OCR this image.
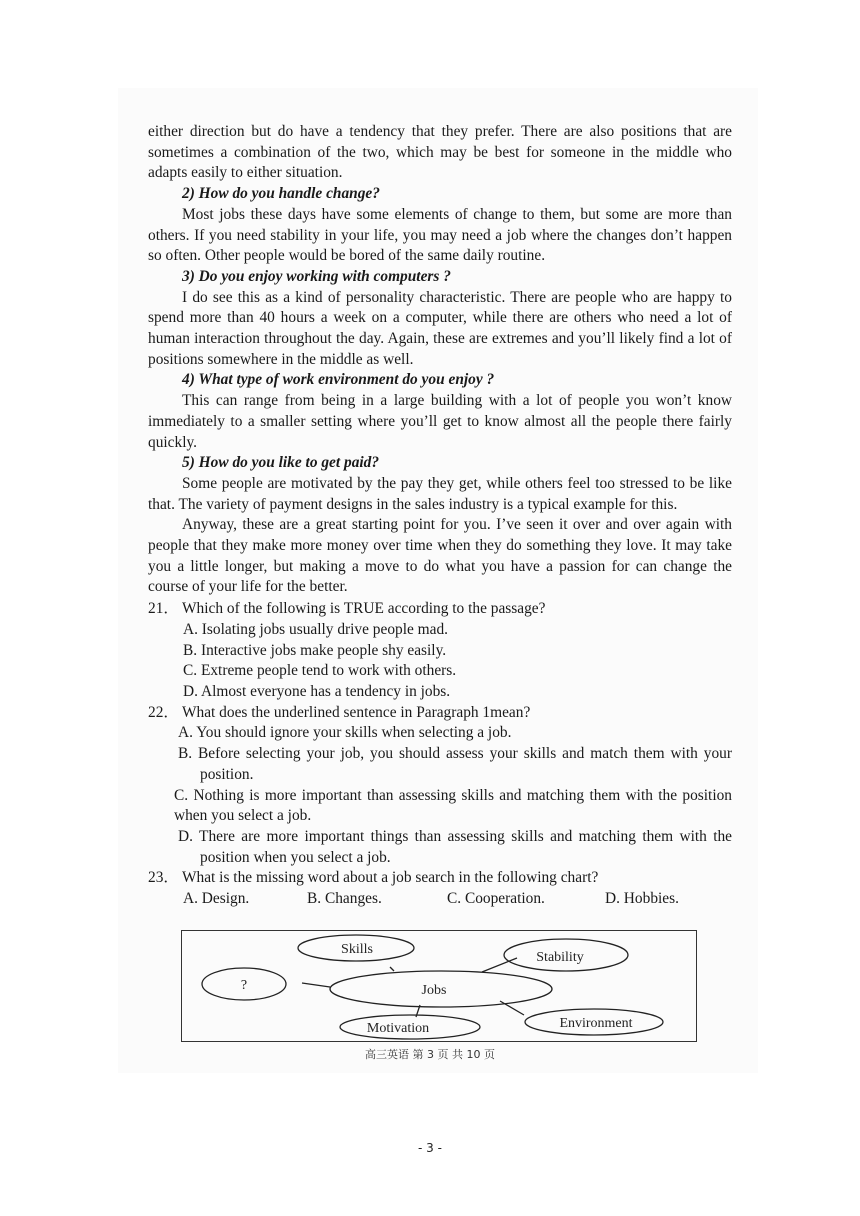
either direction but do have a tendency that they prefer. There are also positions that are sometimes a combination of the two, which may be best for someone in the middle who adapts easily to either situation.

2) How do you handle change?

Most jobs these days have some elements of change to them, but some are more than others. If you need stability in your life, you may need a job where the changes don’t happen so often. Other people would be bored of the same daily routine.

3) Do you enjoy working with computers ?

I do see this as a kind of personality characteristic. There are people who are happy to spend more than 40 hours a week on a computer, while there are others who need a lot of human interaction throughout the day. Again, these are extremes and you’ll likely find a lot of positions somewhere in the middle as well.

4) What type of work environment do you enjoy ?

This can range from being in a large building with a lot of people you won’t know immediately to a smaller setting where you’ll get to know almost all the people there fairly quickly.

5) How do you like to get paid?

Some people are motivated by the pay they get, while others feel too stressed to be like that. The variety of payment designs in the sales industry is a typical example for this.

Anyway, these are a great starting point for you. I’ve seen it over and over again with people that they make more money over time when they do something they love. It may take you a little longer, but making a move to do what you have a passion for can change the course of your life for the better.

21． Which of the following is TRUE according to the passage?

A. Isolating jobs usually drive people mad.

B. Interactive jobs make people shy easily.

C. Extreme people tend to work with others.

D. Almost everyone has a tendency in jobs.

22． What does the underlined sentence in Paragraph 1mean?

A. You should ignore your skills when selecting a job.

B. Before selecting your job, you should assess your skills and match them with your position.

C. Nothing is more important than assessing skills and matching them with the position when you select a job.

D. There are more important things than assessing skills and matching them with the position when you select a job.

23． What is the missing word about a job search in the following chart?

A. Design.	B. Changes.	C. Cooperation.	D. Hobbies.
Skills
Stability
?	Jobs
Motivation	Environment
高三英语 第 3 页 共 10 页
- 3 -
